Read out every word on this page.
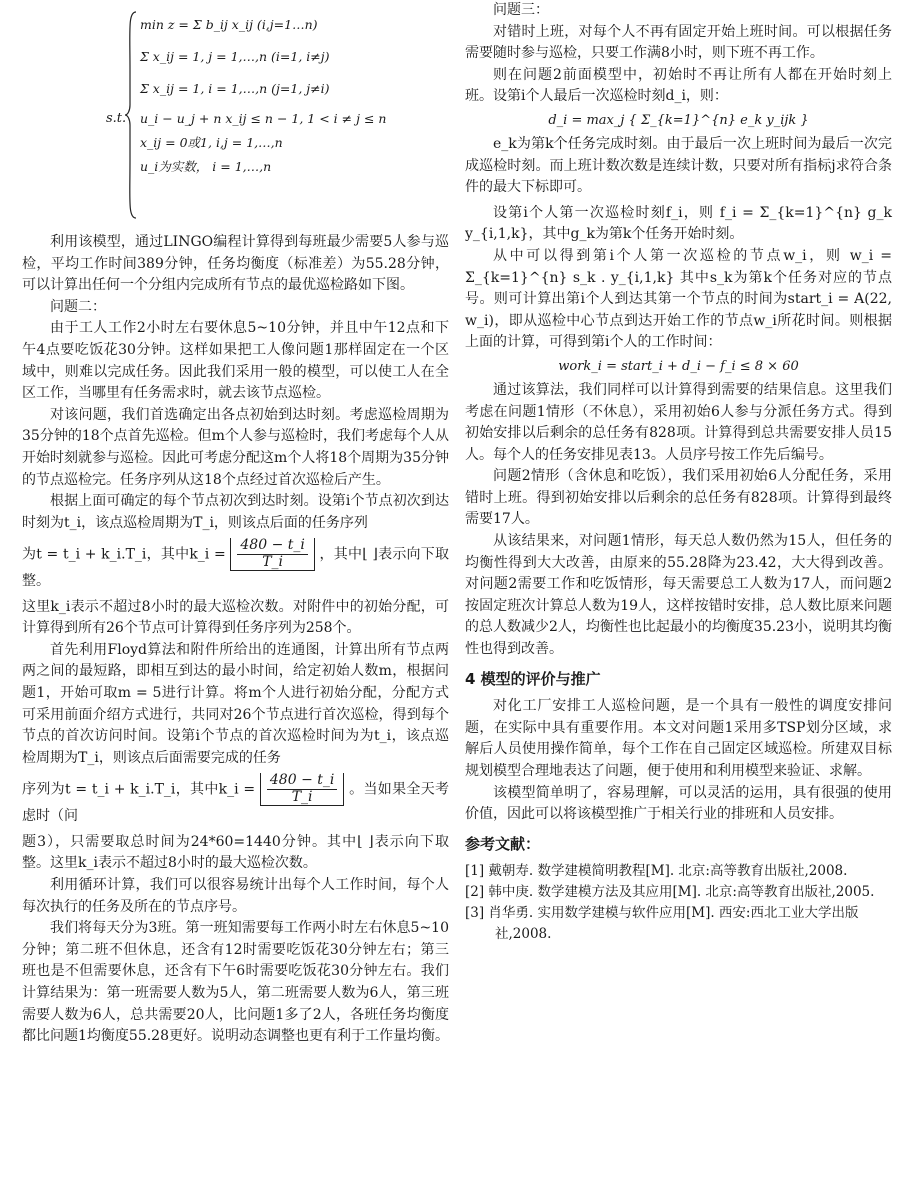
s.t.
min z = Σ b_ij x_ij (i,j=1…n)
Σ x_ij = 1, j = 1,…,n (i=1, i≠j)
Σ x_ij = 1, i = 1,…,n (j=1, j≠i)
u_i − u_j + n x_ij ≤ n − 1, 1 < i ≠ j ≤ n
x_ij = 0或1, i,j = 1,…,n
u_i为实数， i = 1,…,n

利用该模型，通过LINGO编程计算得到每班最少需要5人参与巡检，平均工作时间389分钟，任务均衡度（标准差）为55.28分钟，可以计算出任何一个分组内完成所有节点的最优巡检路如下图。

问题二：

由于工人工作2小时左右要休息5~10分钟，并且中午12点和下午4点要吃饭花30分钟。这样如果把工人像问题1那样固定在一个区域中，则难以完成任务。因此我们采用一般的模型，可以使工人在全区工作，当哪里有任务需求时，就去该节点巡检。

对该问题，我们首选确定出各点初始到达时刻。考虑巡检周期为35分钟的18个点首先巡检。但m个人参与巡检时，我们考虑每个人从开始时刻就参与巡检。因此可考虑分配这m个人将18个周期为35分钟的节点巡检完。任务序列从这18个点经过首次巡检后产生。

根据上面可确定的每个节点初次到达时刻。设第i个节点初次到达时刻为t_i，该点巡检周期为T_i，则该点后面的任务序列

为t = t_i + k_i.T_i，其中k_i = $\frac{480 - t\_i}{T\_i}$ ，其中⌊ ⌋表示向下取整。

这里k_i表示不超过8小时的最大巡检次数。对附件中的初始分配，可计算得到所有26个节点可计算得到任务序列为258个。

首先利用Floyd算法和附件所给出的连通图，计算出所有节点两两之间的最短路，即相互到达的最小时间，给定初始人数m，根据问题1，开始可取m = 5进行计算。将m个人进行初始分配，分配方式可采用前面介绍方式进行，共同对26个节点进行首次巡检，得到每个节点的首次访问时间。设第i个节点的首次巡检时间为为t_i，该点巡检周期为T_i，则该点后面需要完成的任务

序列为t = t_i + k_i.T_i，其中k_i = $\frac{480 - t\_i}{T\_i}$ 。当如果全天考虑时（问

题3），只需要取总时间为24*60=1440分钟。其中⌊ ⌋表示向下取整。这里k_i表示不超过8小时的最大巡检次数。

利用循环计算，我们可以很容易统计出每个人工作时间，每个人每次执行的任务及所在的节点序号。

我们将每天分为3班。第一班知需要每工作两小时左右休息5~10分钟；第二班不但休息，还含有12时需要吃饭花30分钟左右；第三班也是不但需要休息，还含有下午6时需要吃饭花30分钟左右。我们计算结果为：第一班需要人数为5人，第二班需要人数为6人，第三班需要人数为6人，总共需要20人，比问题1多了2人，各班任务均衡度都比问题1均衡度55.28更好。说明动态调整也更有利于工作量均衡。

问题三：

对错时上班，对每个人不再有固定开始上班时间。可以根据任务需要随时参与巡检，只要工作满8小时，则下班不再工作。

则在问题2前面模型中，初始时不再让所有人都在开始时刻上班。设第i个人最后一次巡检时刻d_i，则：

d_i = max_j { Σ_{k=1}^{n} e_k y_ijk }

e_k为第k个任务完成时刻。由于最后一次上班时间为最后一次完成巡检时刻。而上班计数次数是连续计数，只要对所有指标j求符合条件的最大下标即可。

设第i个人第一次巡检时刻f_i，则 f_i = Σ_{k=1}^{n} g_k y_{i,1,k}，其中g_k为第k个任务开始时刻。

从中可以得到第i个人第一次巡检的节点w_i，则 w_i = Σ_{k=1}^{n} s_k . y_{i,1,k} 其中s_k为第k个任务对应的节点号。则可计算出第i个人到达其第一个节点的时间为start_i = A(22, w_i)，即从巡检中心节点到达开始工作的节点w_i所花时间。则根据上面的计算，可得到第i个人的工作时间：

work_i = start_i + d_i − f_i ≤ 8 × 60

通过该算法，我们同样可以计算得到需要的结果信息。这里我们考虑在问题1情形（不休息），采用初始6人参与分派任务方式。得到初始安排以后剩余的总任务有828项。计算得到总共需要安排人员15人。每个人的任务安排见表13。人员序号按工作先后编号。

问题2情形（含休息和吃饭），我们采用初始6人分配任务，采用错时上班。得到初始安排以后剩余的总任务有828项。计算得到最终需要17人。

从该结果来，对问题1情形，每天总人数仍然为15人，但任务的均衡性得到大大改善，由原来的55.28降为23.42，大大得到改善。对问题2需要工作和吃饭情形，每天需要总工人数为17人，而问题2按固定班次计算总人数为19人，这样按错时安排，总人数比原来问题的总人数减少2人，均衡性也比起最小的均衡度35.23小，说明其均衡性也得到改善。

4 模型的评价与推广

对化工厂安排工人巡检问题，是一个具有一般性的调度安排问题，在实际中具有重要作用。本文对问题1采用多TSP划分区域，求解后人员使用操作简单，每个工作在自己固定区域巡检。所建双目标规划模型合理地表达了问题，便于使用和利用模型来验证、求解。

该模型简单明了，容易理解，可以灵活的运用，具有很强的使用价值，因此可以将该模型推广于相关行业的排班和人员安排。

参考文献：

[1] 戴朝寿. 数学建模简明教程[M]. 北京:高等教育出版社,2008.

[2] 韩中庚. 数学建模方法及其应用[M]. 北京:高等教育出版社,2005.

[3] 肖华勇. 实用数学建模与软件应用[M]. 西安:西北工业大学出版社,2008.
